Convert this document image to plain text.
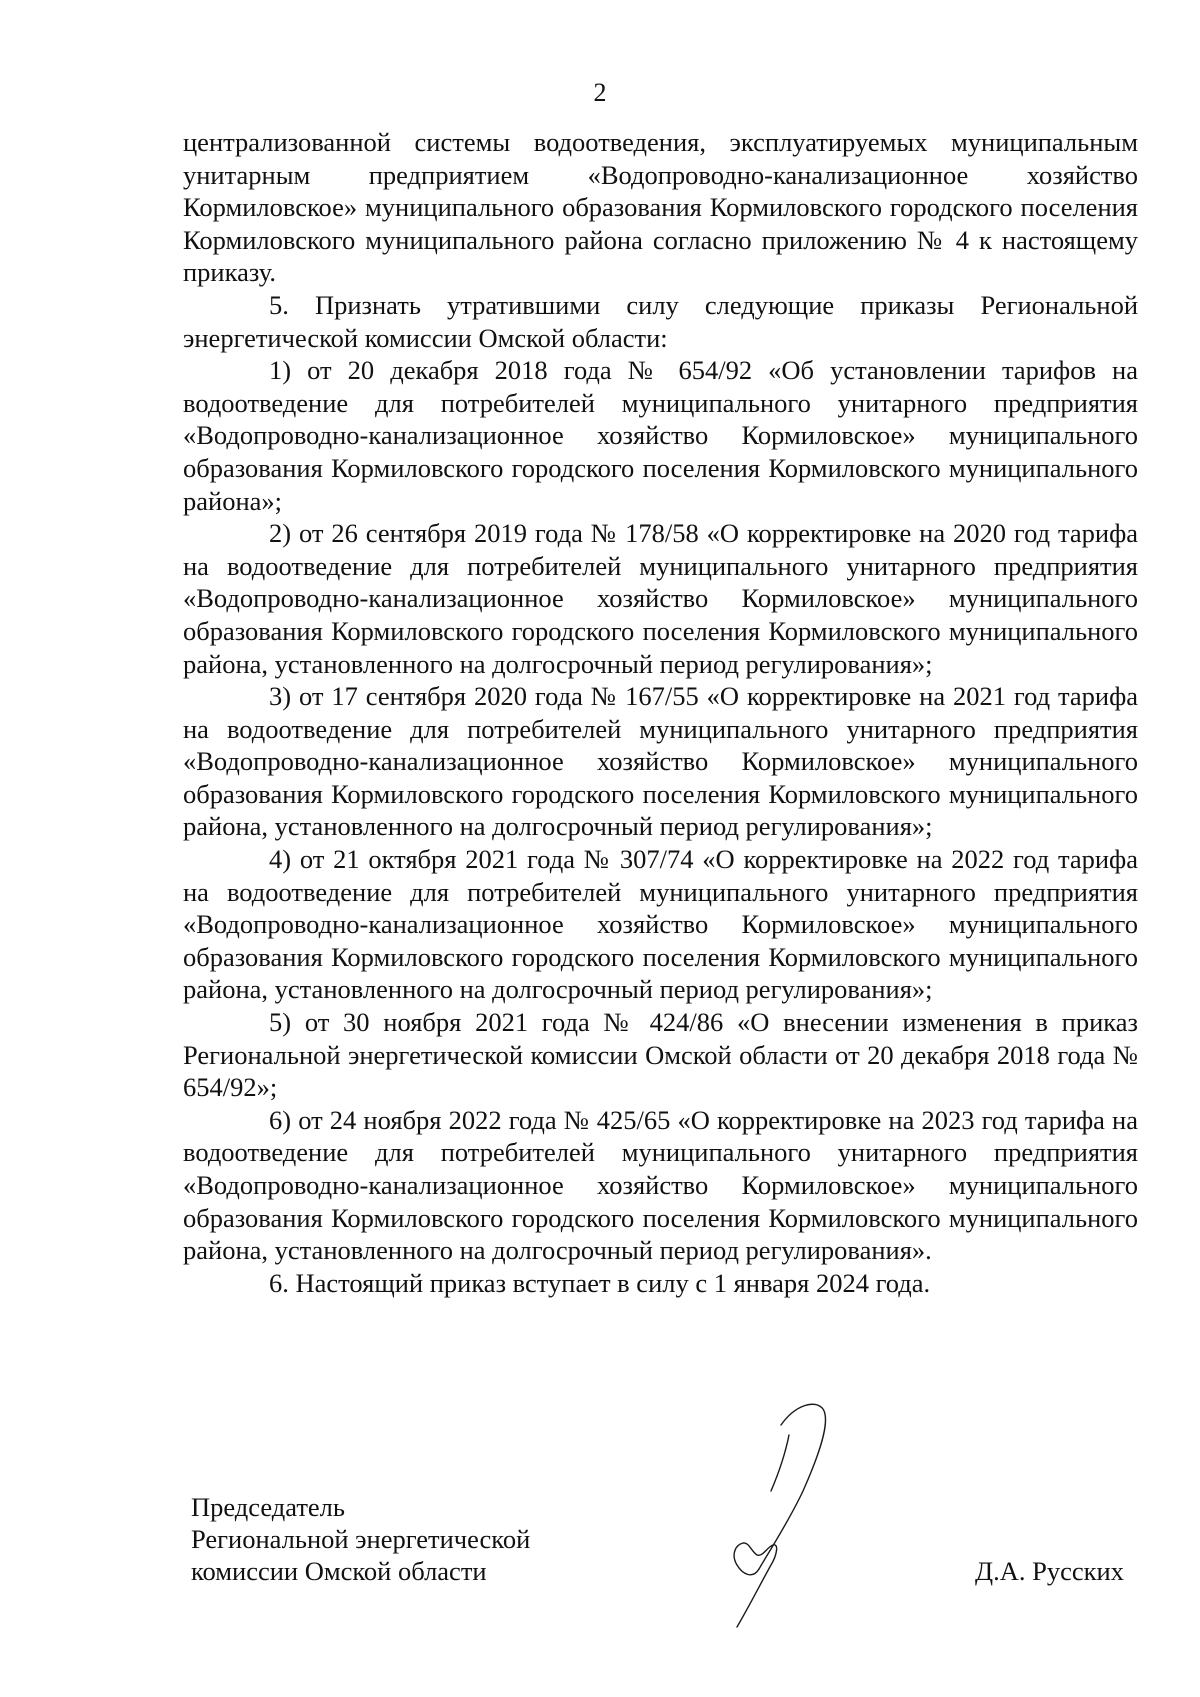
2

централизованной системы водоотведения, эксплуатируемых муниципальным унитарным предприятием «Водопроводно-канализационное хозяйство Кормиловское» муниципального образования Кормиловского городского поселения Кормиловского муниципального района согласно приложению № 4 к настоящему приказу.

5. Признать утратившими силу следующие приказы Региональной энергетической комиссии Омской области:

1) от 20 декабря 2018 года № 654/92 «Об установлении тарифов на водоотведение для потребителей муниципального унитарного предприятия «Водопроводно-канализационное хозяйство Кормиловское» муниципального образования Кормиловского городского поселения Кормиловского муниципального района»;

2) от 26 сентября 2019 года № 178/58 «О корректировке на 2020 год тарифа на водоотведение для потребителей муниципального унитарного предприятия «Водопроводно-канализационное хозяйство Кормиловское» муниципального образования Кормиловского городского поселения Кормиловского муниципального района, установленного на долгосрочный период регулирования»;

3) от 17 сентября 2020 года № 167/55 «О корректировке на 2021 год тарифа на водоотведение для потребителей муниципального унитарного предприятия «Водопроводно-канализационное хозяйство Кормиловское» муниципального образования Кормиловского городского поселения Кормиловского муниципального района, установленного на долгосрочный период регулирования»;

4) от 21 октября 2021 года № 307/74 «О корректировке на 2022 год тарифа на водоотведение для потребителей муниципального унитарного предприятия «Водопроводно-канализационное хозяйство Кормиловское» муниципального образования Кормиловского городского поселения Кормиловского муниципального района, установленного на долгосрочный период регулирования»;

5) от 30 ноября 2021 года № 424/86 «О внесении изменения в приказ Региональной энергетической комиссии Омской области от 20 декабря 2018 года № 654/92»;

6) от 24 ноября 2022 года № 425/65 «О корректировке на 2023 год тарифа на водоотведение для потребителей муниципального унитарного предприятия «Водопроводно-канализационное хозяйство Кормиловское» муниципального образования Кормиловского городского поселения Кормиловского муниципального района, установленного на долгосрочный период регулирования».

6. Настоящий приказ вступает в силу с 1 января 2024 года.

Председатель
Региональной энергетической
комиссии Омской области	Д.А. Русских
